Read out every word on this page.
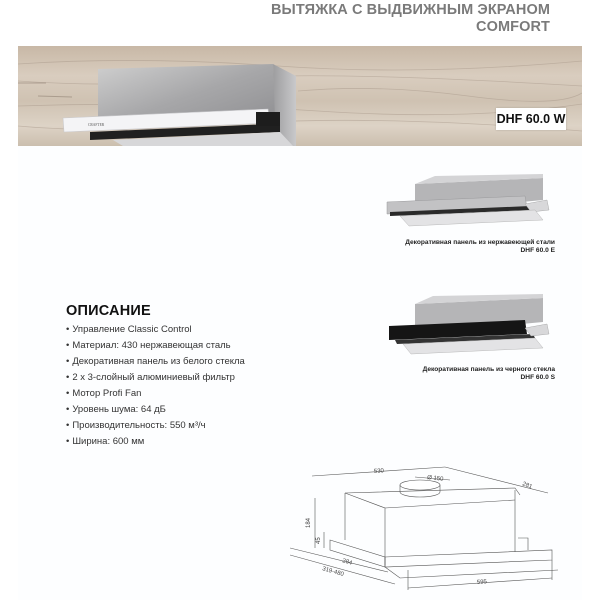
ВЫТЯЖКА С ВЫДВИЖНЫМ ЭКРАНОМ
COMFORT
CRAFTER	DHF 60.0 W
Декоративная панель из нержавеющей стали
DHF 60.0 E
Декоративная панель из черного стекла
DHF 60.0 S
ОПИСАНИЕ
• Управление Classic Control
• Материал: 430 нержавеющая сталь
• Декоративная панель из белого стекла
• 2 х 3-слойный алюминиевый фильтр
• Мотор Profi Fan
• Уровень шума: 64 дБ
• Производительность: 550 м³/ч
• Ширина: 600 мм
530
Ø 150
281
184
45
284
319-480
595
